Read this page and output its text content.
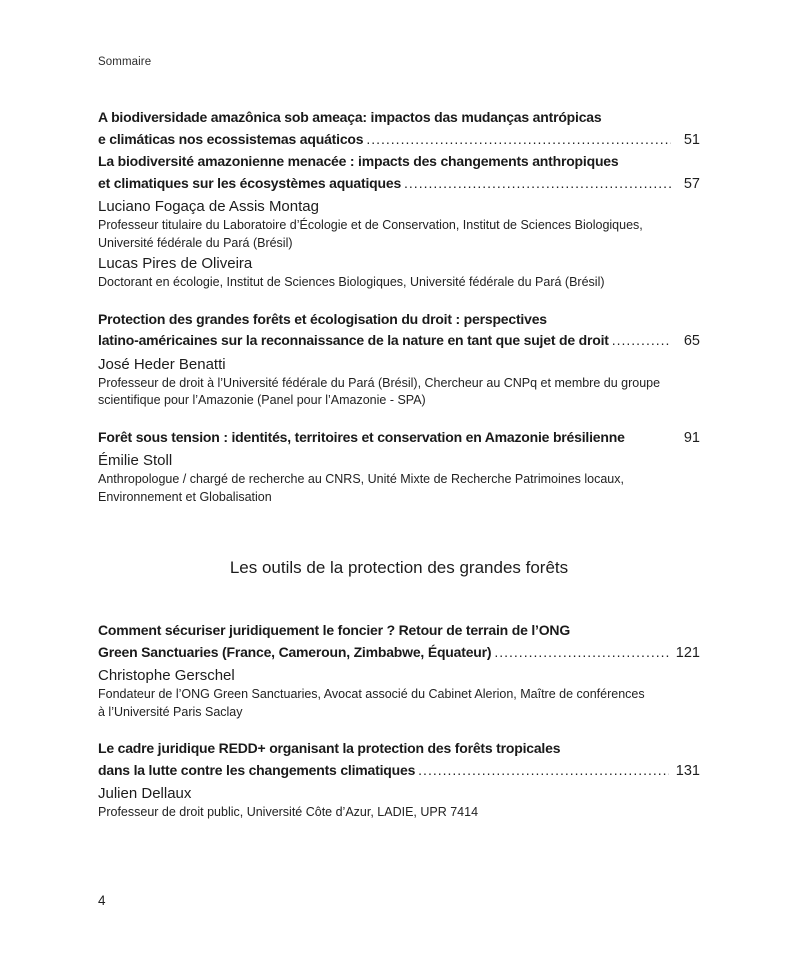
Sommaire
A biodiversidade amazônica sob ameaça: impactos das mudanças antrópicas
e climáticas nos ecossistemas aquáticos .....	51
La biodiversité amazonienne menacée : impacts des changements anthropiques
et climatiques sur les écosystèmes aquatiques .....	57
Luciano Fogaça de Assis Montag
Professeur titulaire du Laboratoire d’Écologie et de Conservation, Institut de Sciences Biologiques,
Université fédérale du Pará (Brésil)
Lucas Pires de Oliveira
Doctorant en écologie, Institut de Sciences Biologiques, Université fédérale du Pará (Brésil)
Protection des grandes forêts et écologisation du droit : perspectives
latino-américaines sur la reconnaissance de la nature en tant que sujet de droit .....	65
José Heder Benatti
Professeur de droit à l’Université fédérale du Pará (Brésil), Chercheur au CNPq et membre du groupe
scientifique pour l’Amazonie (Panel pour l’Amazonie - SPA)
Forêt sous tension : identités, territoires et conservation en Amazonie brésilienne	91
Émilie Stoll
Anthropologue / chargé de recherche au CNRS, Unité Mixte de Recherche Patrimoines locaux,
Environnement et Globalisation
Les outils de la protection des grandes forêts
Comment sécuriser juridiquement le foncier ? Retour de terrain de l’ONG
Green Sanctuaries (France, Cameroun, Zimbabwe, Équateur) .....	121
Christophe Gerschel
Fondateur de l’ONG Green Sanctuaries, Avocat associé du Cabinet Alerion, Maître de conférences
à l’Université Paris Saclay
Le cadre juridique REDD+ organisant la protection des forêts tropicales
dans la lutte contre les changements climatiques .....	131
Julien Dellaux
Professeur de droit public, Université Côte d’Azur, LADIE, UPR 7414
4
